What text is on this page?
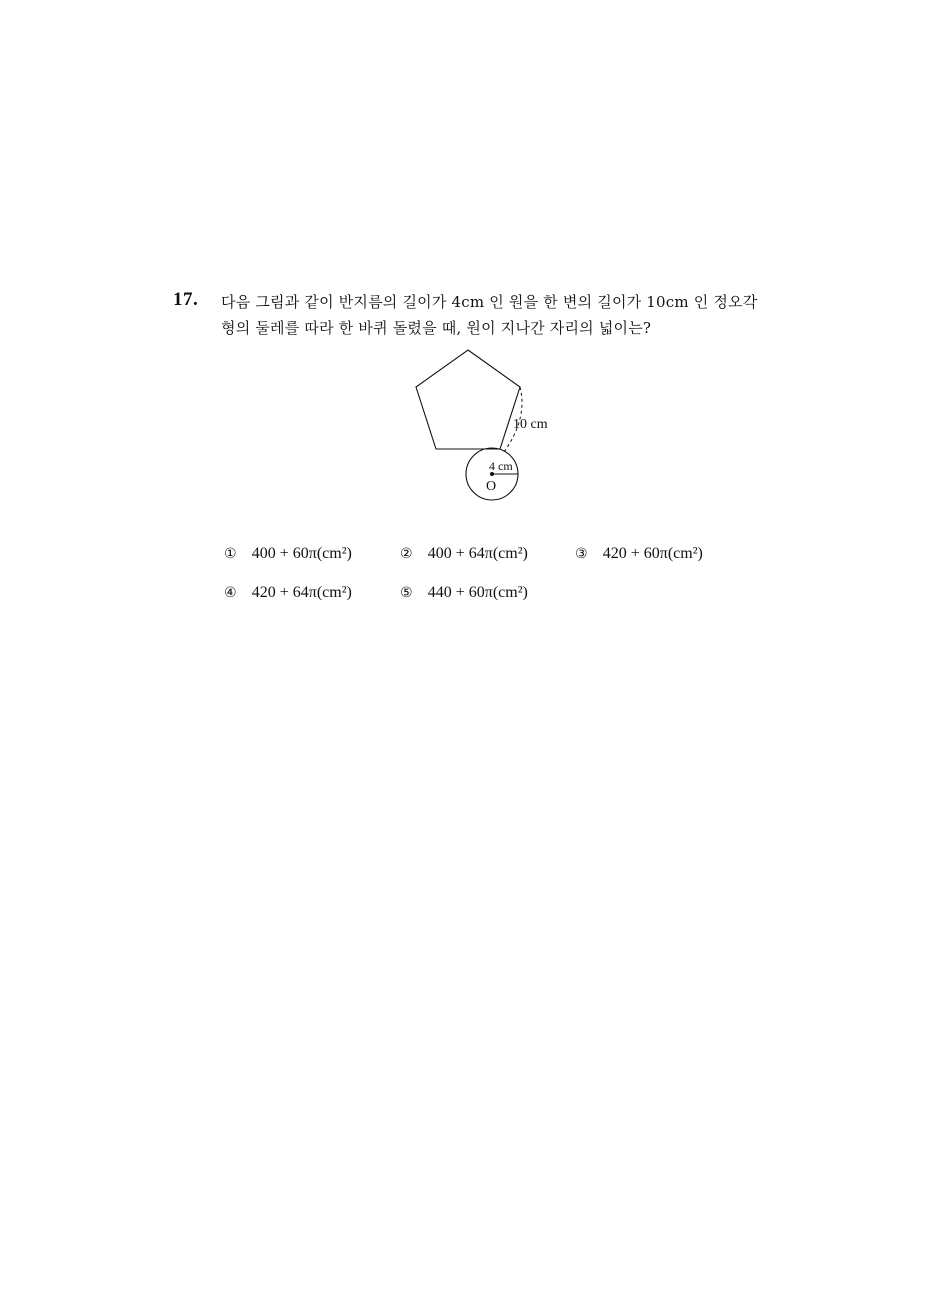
17. 다음 그림과 같이 반지름의 길이가 4cm 인 원을 한 변의 길이가 10cm 인 정오각
형의 둘레를 따라 한 바퀴 돌렸을 때, 원이 지나간 자리의 넓이는?
10 cm
4 cm
O
① 400 + 60π(cm²)	② 400 + 64π(cm²)	③ 420 + 60π(cm²)
④ 420 + 64π(cm²)	⑤ 440 + 60π(cm²)
